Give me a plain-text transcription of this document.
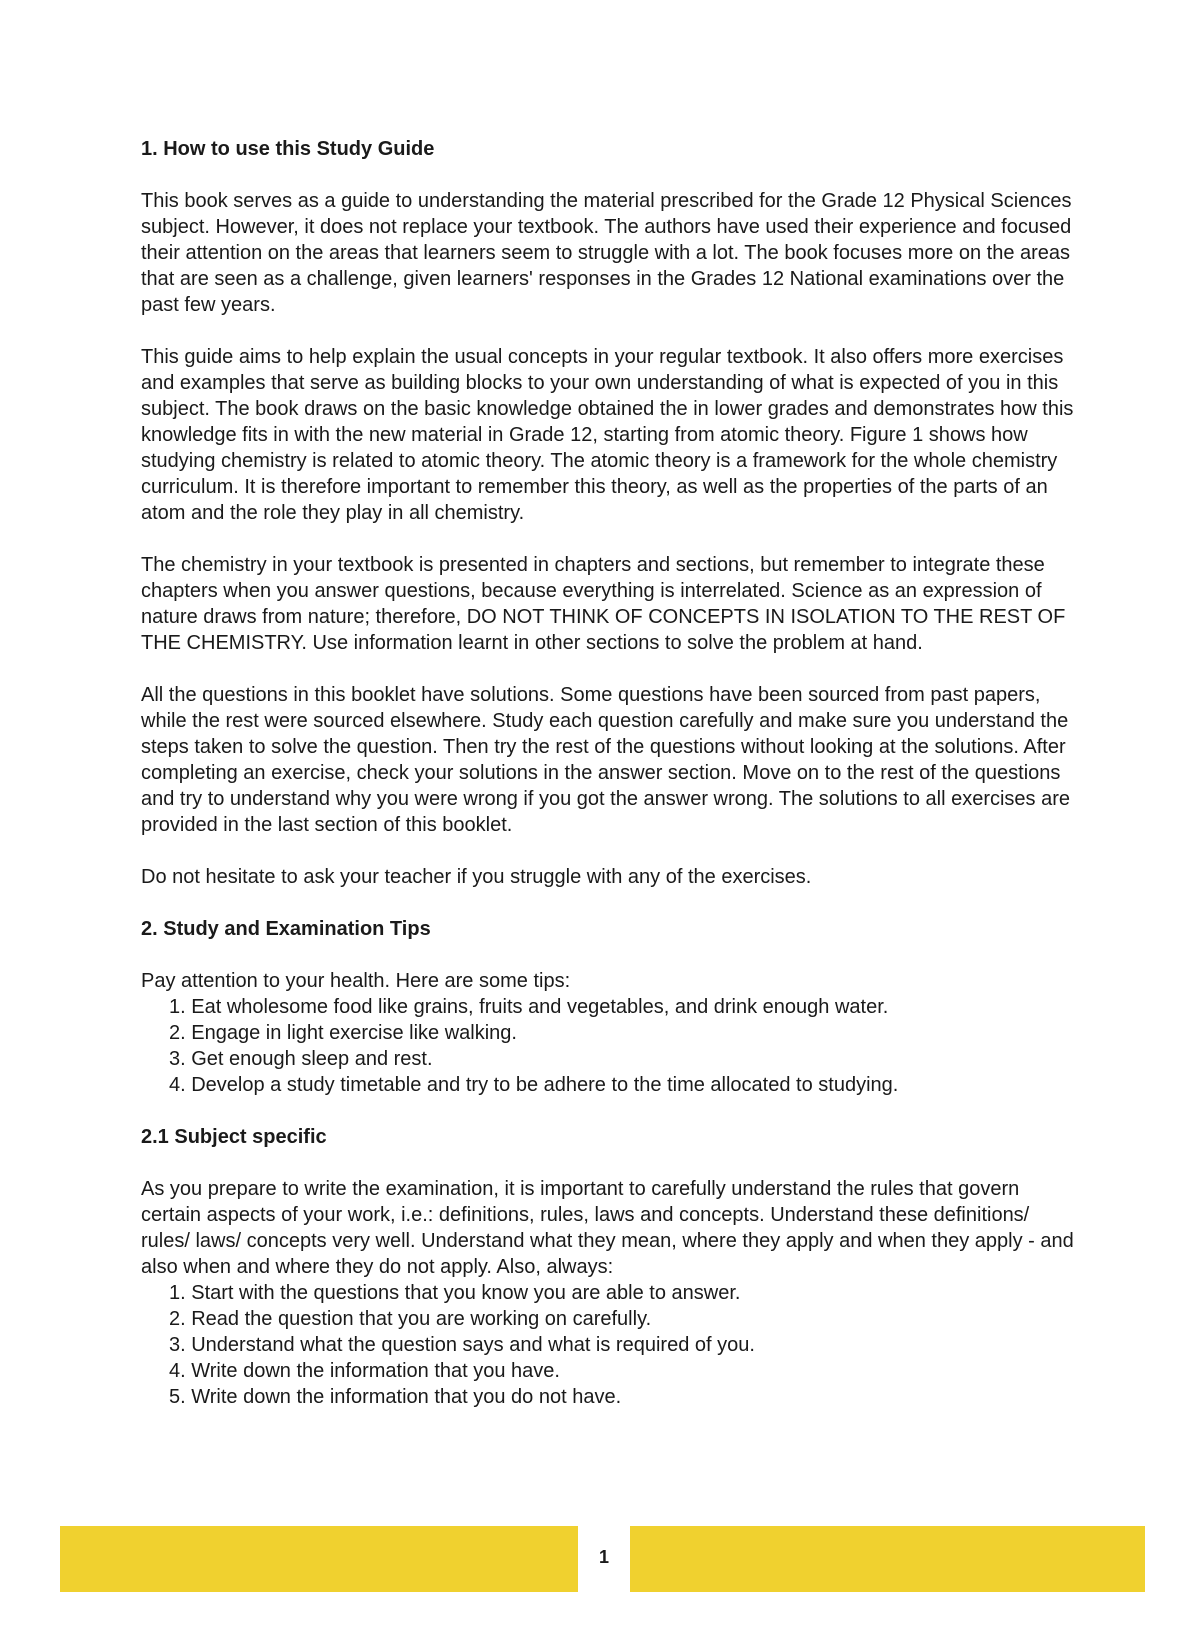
1. How to use this Study Guide

This book serves as a guide to understanding the material prescribed for the Grade 12 Physical Sciences subject. However, it does not replace your textbook. The authors have used their experience and focused their attention on the areas that learners seem to struggle with a lot. The book focuses more on the areas that are seen as a challenge, given learners' responses in the Grades 12 National examinations over the past few years.

This guide aims to help explain the usual concepts in your regular textbook. It also offers more exercises and examples that serve as building blocks to your own understanding of what is expected of you in this subject. The book draws on the basic knowledge obtained the in lower grades and demonstrates how this knowledge fits in with the new material in Grade 12, starting from atomic theory. Figure 1 shows how studying chemistry is related to atomic theory. The atomic theory is a framework for the whole chemistry curriculum. It is therefore important to remember this theory, as well as the properties of the parts of an atom and the role they play in all chemistry.

The chemistry in your textbook is presented in chapters and sections, but remember to integrate these chapters when you answer questions, because everything is interrelated. Science as an expression of nature draws from nature; therefore, DO NOT THINK OF CONCEPTS IN ISOLATION TO THE REST OF THE CHEMISTRY. Use information learnt in other sections to solve the problem at hand.

All the questions in this booklet have solutions. Some questions have been sourced from past papers, while the rest were sourced elsewhere. Study each question carefully and make sure you understand the steps taken to solve the question. Then try the rest of the questions without looking at the solutions. After completing an exercise, check your solutions in the answer section. Move on to the rest of the questions and try to understand why you were wrong if you got the answer wrong. The solutions to all exercises are provided in the last section of this booklet.

Do not hesitate to ask your teacher if you struggle with any of the exercises.

2. Study and Examination Tips

Pay attention to your health. Here are some tips:

1. Eat wholesome food like grains, fruits and vegetables, and drink enough water.
2. Engage in light exercise like walking.
3. Get enough sleep and rest.
4. Develop a study timetable and try to be adhere to the time allocated to studying.

2.1 Subject specific

As you prepare to write the examination, it is important to carefully understand the rules that govern certain aspects of your work, i.e.: definitions, rules, laws and concepts. Understand these definitions/ rules/ laws/ concepts very well. Understand what they mean, where they apply and when they apply - and also when and where they do not apply. Also, always:

1. Start with the questions that you know you are able to answer.
2. Read the question that you are working on carefully.
3. Understand what the question says and what is required of you.
4. Write down the information that you have.
5. Write down the information that you do not have.
1
